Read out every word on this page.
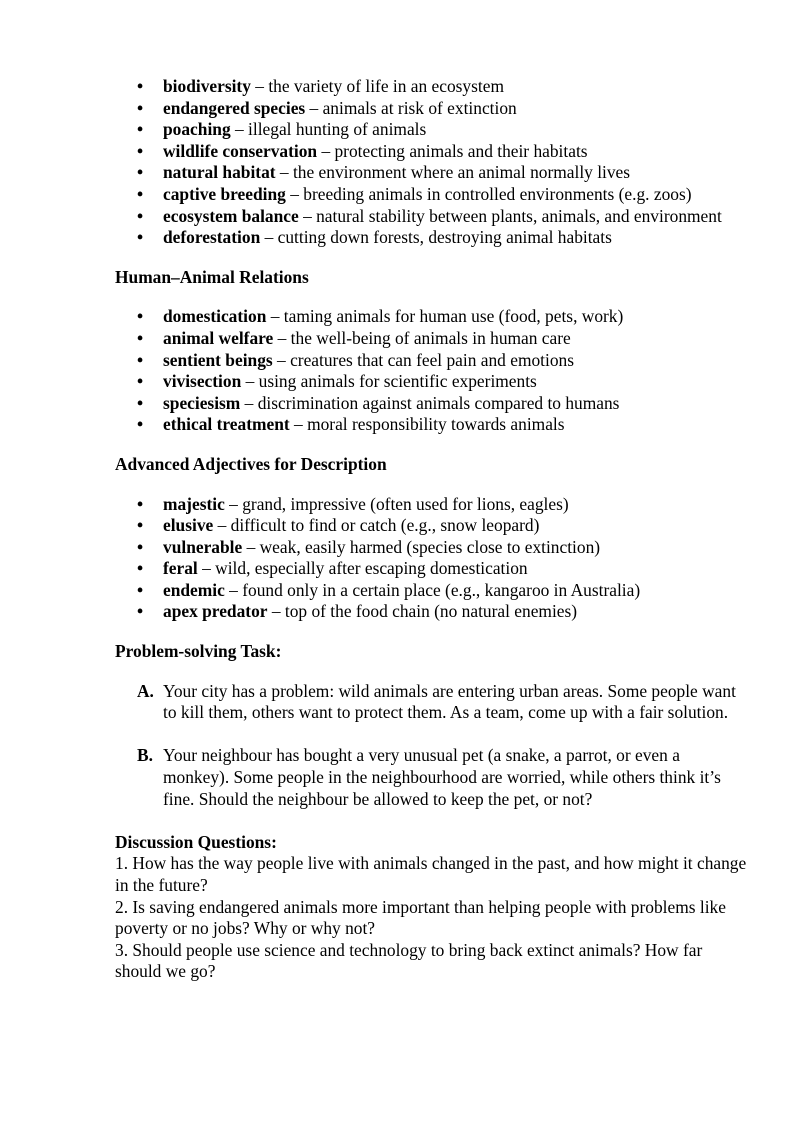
• biodiversity – the variety of life in an ecosystem
• endangered species – animals at risk of extinction
• poaching – illegal hunting of animals
• wildlife conservation – protecting animals and their habitats
• natural habitat – the environment where an animal normally lives
• captive breeding – breeding animals in controlled environments (e.g. zoos)
• ecosystem balance – natural stability between plants, animals, and environment
• deforestation – cutting down forests, destroying animal habitats
Human–Animal Relations
• domestication – taming animals for human use (food, pets, work)
• animal welfare – the well-being of animals in human care
• sentient beings – creatures that can feel pain and emotions
• vivisection – using animals for scientific experiments
• speciesism – discrimination against animals compared to humans
• ethical treatment – moral responsibility towards animals
Advanced Adjectives for Description
• majestic – grand, impressive (often used for lions, eagles)
• elusive – difficult to find or catch (e.g., snow leopard)
• vulnerable – weak, easily harmed (species close to extinction)
• feral – wild, especially after escaping domestication
• endemic – found only in a certain place (e.g., kangaroo in Australia)
• apex predator – top of the food chain (no natural enemies)
Problem-solving Task:
A. Your city has a problem: wild animals are entering urban areas. Some people want to kill them, others want to protect them. As a team, come up with a fair solution.
B. Your neighbour has bought a very unusual pet (a snake, a parrot, or even a monkey). Some people in the neighbourhood are worried, while others think it’s fine. Should the neighbour be allowed to keep the pet, or not?
Discussion Questions:
1. How has the way people live with animals changed in the past, and how might it change in the future?
2. Is saving endangered animals more important than helping people with problems like poverty or no jobs? Why or why not?
3. Should people use science and technology to bring back extinct animals? How far should we go?
